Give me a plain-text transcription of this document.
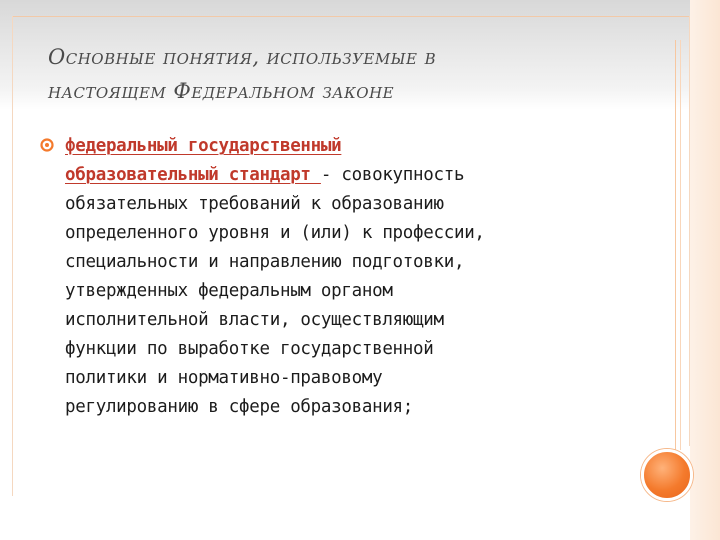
Основные понятия, используемые в
настоящем Федеральном законе
федеральный государственный
образовательный стандарт - совокупность
обязательных требований к образованию
определенного уровня и (или) к профессии,
специальности и направлению подготовки,
утвержденных федеральным органом
исполнительной власти, осуществляющим
функции по выработке государственной
политики и нормативно-правовому
регулированию в сфере образования;
